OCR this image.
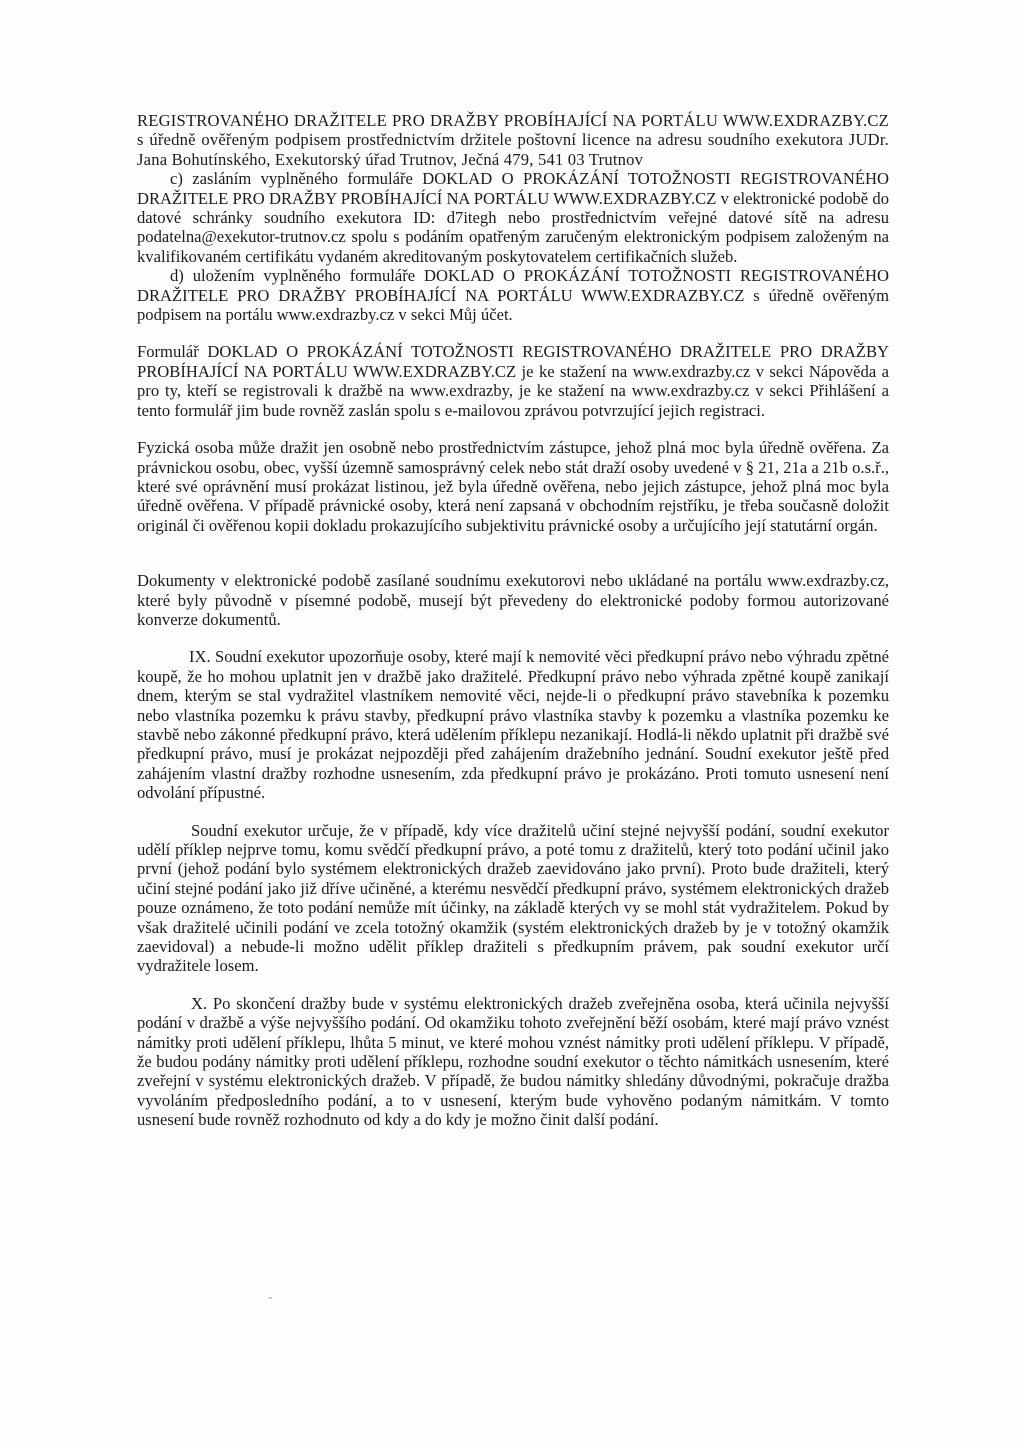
REGISTROVANÉHO DRAŽITELE PRO DRAŽBY PROBÍHAJÍCÍ NA PORTÁLU WWW.EXDRAZBY.CZ s úředně ověřeným podpisem prostřednictvím držitele poštovní licence na adresu soudního exekutora JUDr. Jana Bohutínského, Exekutorský úřad Trutnov, Ječná 479, 541 03 Trutnov

c) zasláním vyplněného formuláře DOKLAD O PROKÁZÁNÍ TOTOŽNOSTI REGISTROVANÉHO DRAŽITELE PRO DRAŽBY PROBÍHAJÍCÍ NA PORTÁLU WWW.EXDRAZBY.CZ v elektronické podobě do datové schránky soudního exekutora ID: d7itegh nebo prostřednictvím veřejné datové sítě na adresu podatelna@exekutor-trutnov.cz spolu s podáním opatřeným zaručeným elektronickým podpisem založeným na kvalifikovaném certifikátu vydaném akreditovaným poskytovatelem certifikačních služeb.

d) uložením vyplněného formuláře DOKLAD O PROKÁZÁNÍ TOTOŽNOSTI REGISTROVANÉHO DRAŽITELE PRO DRAŽBY PROBÍHAJÍCÍ NA PORTÁLU WWW.EXDRAZBY.CZ s úředně ověřeným podpisem na portálu www.exdrazby.cz v sekci Můj účet.

Formulář DOKLAD O PROKÁZÁNÍ TOTOŽNOSTI REGISTROVANÉHO DRAŽITELE PRO DRAŽBY PROBÍHAJÍCÍ NA PORTÁLU WWW.EXDRAZBY.CZ je ke stažení na www.exdrazby.cz v sekci Nápověda a pro ty, kteří se registrovali k dražbě na www.exdrazby, je ke stažení na www.exdrazby.cz v sekci Přihlášení a tento formulář jim bude rovněž zaslán spolu s e-mailovou zprávou potvrzující jejich registraci.

Fyzická osoba může dražit jen osobně nebo prostřednictvím zástupce, jehož plná moc byla úředně ověřena. Za právnickou osobu, obec, vyšší územně samosprávný celek nebo stát draží osoby uvedené v § 21, 21a a 21b o.s.ř., které své oprávnění musí prokázat listinou, jež byla úředně ověřena, nebo jejich zástupce, jehož plná moc byla úředně ověřena. V případě právnické osoby, která není zapsaná v obchodním rejstříku, je třeba současně doložit originál či ověřenou kopii dokladu prokazujícího subjektivitu právnické osoby a určujícího její statutární orgán.

Dokumenty v elektronické podobě zasílané soudnímu exekutorovi nebo ukládané na portálu www.exdrazby.cz, které byly původně v písemné podobě, musejí být převedeny do elektronické podoby formou autorizované konverze dokumentů.

IX. Soudní exekutor upozorňuje osoby, které mají k nemovité věci předkupní právo nebo výhradu zpětné koupě, že ho mohou uplatnit jen v dražbě jako dražitelé. Předkupní právo nebo výhrada zpětné koupě zanikají dnem, kterým se stal vydražitel vlastníkem nemovité věci, nejde-li o předkupní právo stavebníka k pozemku nebo vlastníka pozemku k právu stavby, předkupní právo vlastníka stavby k pozemku a vlastníka pozemku ke stavbě nebo zákonné předkupní právo, která udělením příklepu nezanikají. Hodlá-li někdo uplatnit při dražbě své předkupní právo, musí je prokázat nejpozději před zahájením dražebního jednání. Soudní exekutor ještě před zahájením vlastní dražby rozhodne usnesením, zda předkupní právo je prokázáno. Proti tomuto usnesení není odvolání přípustné.

Soudní exekutor určuje, že v případě, kdy více dražitelů učiní stejné nejvyšší podání, soudní exekutor udělí příklep nejprve tomu, komu svědčí předkupní právo, a poté tomu z dražitelů, který toto podání učinil jako první (jehož podání bylo systémem elektronických dražeb zaevidováno jako první). Proto bude dražiteli, který učiní stejné podání jako již dříve učiněné, a kterému nesvědčí předkupní právo, systémem elektronických dražeb pouze oznámeno, že toto podání nemůže mít účinky, na základě kterých vy se mohl stát vydražitelem. Pokud by však dražitelé učinili podání ve zcela totožný okamžik (systém elektronických dražeb by je v totožný okamžik zaevidoval) a nebude-li možno udělit příklep dražiteli s předkupním právem, pak soudní exekutor určí vydražitele losem.

X. Po skončení dražby bude v systému elektronických dražeb zveřejněna osoba, která učinila nejvyšší podání v dražbě a výše nejvyššího podání. Od okamžiku tohoto zveřejnění běží osobám, které mají právo vznést námitky proti udělení příklepu, lhůta 5 minut, ve které mohou vznést námitky proti udělení příklepu. V případě, že budou podány námitky proti udělení příklepu, rozhodne soudní exekutor o těchto námitkách usnesením, které zveřejní v systému elektronických dražeb. V případě, že budou námitky shledány důvodnými, pokračuje dražba vyvoláním předposledního podání, a to v usnesení, kterým bude vyhověno podaným námitkám. V tomto usnesení bude rovněž rozhodnuto od kdy a do kdy je možno činit další podání.

-
